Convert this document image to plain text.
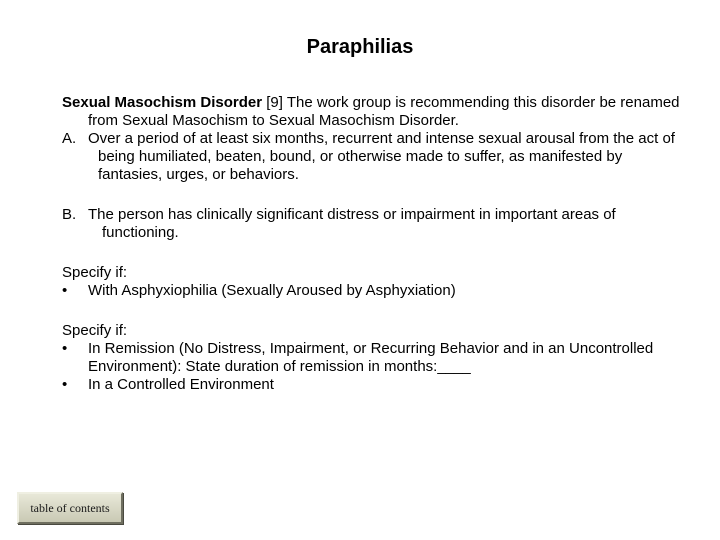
Paraphilias

Sexual Masochism Disorder [9] The work group is recommending this disorder be renamed from Sexual Masochism to Sexual Masochism Disorder.

A. Over a period of at least six months, recurrent and intense sexual arousal from the act of being humiliated, beaten, bound, or otherwise made to suffer, as manifested by fantasies, urges, or behaviors.
B. The person has clinically significant distress or impairment in important areas of functioning.

Specify if:

• With Asphyxiophilia (Sexually Aroused by Asphyxiation)

Specify if:

• In Remission (No Distress, Impairment, or Recurring Behavior and in an Uncontrolled Environment): State duration of remission in months:____
• In a Controlled Environment
table of contents
